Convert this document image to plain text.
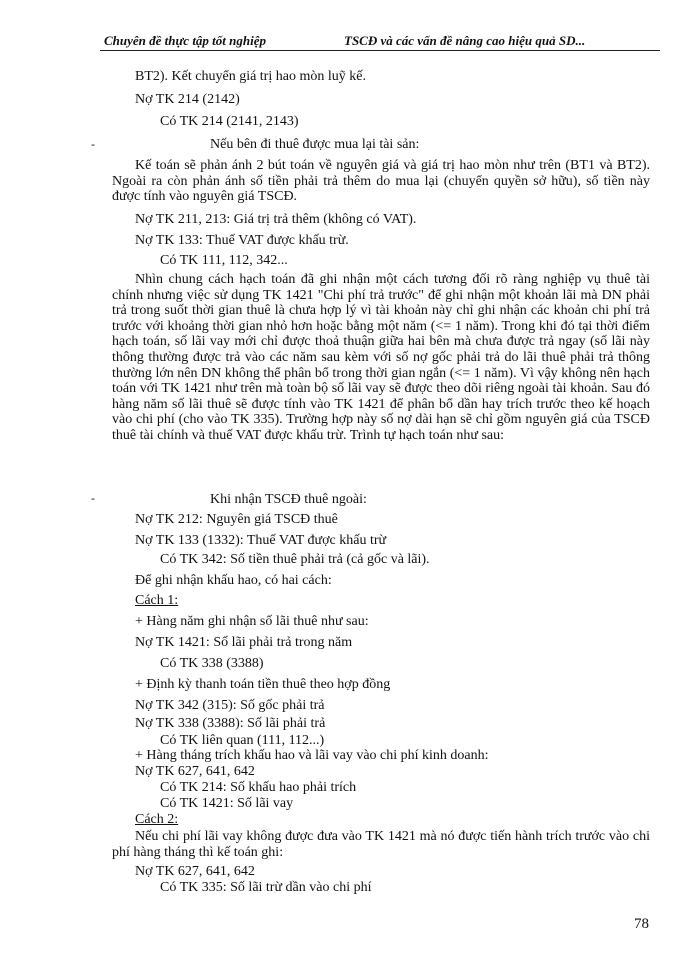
Chuyên đề thực tập tốt nghiệp	TSCĐ và các vấn đề nâng cao hiệu quả SD...
BT2). Kết chuyển giá trị hao mòn luỹ kế.
Nợ TK 214 (2142)
Có TK 214 (2141, 2143)
-	Nếu bên đi thuê được mua lại tài sản:
Kế toán sẽ phản ánh 2 bút toán về nguyên giá và giá trị hao mòn như trên (BT1 và BT2). Ngoài ra còn phản ánh số tiền phải trả thêm do mua lại (chuyển quyền sở hữu), số tiền này được tính vào nguyên giá TSCĐ.
Nợ TK 211, 213: Giá trị trả thêm (không có VAT).
Nợ TK 133: Thuế VAT được khấu trừ.
Có TK 111, 112, 342...
Nhìn chung cách hạch toán đã ghi nhận một cách tương đối rõ ràng nghiệp vụ thuê tài chính nhưng việc sử dụng TK 1421 "Chi phí trả trước" để ghi nhận một khoản lãi mà DN phải trả trong suốt thời gian thuê là chưa hợp lý vì tài khoản này chỉ ghi nhận các khoản chi phí trả trước với khoảng thời gian nhỏ hơn hoặc bằng một năm (<= 1 năm). Trong khi đó tại thời điểm hạch toán, số lãi vay mới chỉ được thoả thuận giữa hai bên mà chưa được trả ngay (số lãi này thông thường được trả vào các năm sau kèm với số nợ gốc phải trả do lãi thuê phải trả thông thường lớn nên DN không thể phân bổ trong thời gian ngắn (<= 1 năm). Vì vậy không nên hạch toán với TK 1421 như trên mà toàn bộ số lãi vay sẽ được theo dõi riêng ngoài tài khoản. Sau đó hàng năm số lãi thuê sẽ được tính vào TK 1421 để phân bổ dần hay trích trước theo kế hoạch vào chi phí (cho vào TK 335). Trường hợp này số nợ dài hạn sẽ chỉ gồm nguyên giá của TSCĐ thuê tài chính và thuế VAT được khấu trừ. Trình tự hạch toán như sau:
-	Khi nhận TSCĐ thuê ngoài:
Nợ TK 212: Nguyên giá TSCĐ thuê
Nợ TK 133 (1332): Thuế VAT được khấu trừ
Có TK 342: Số tiền thuê phải trả (cả gốc và lãi).
Để ghi nhận khấu hao, có hai cách:
Cách 1:
+ Hàng năm ghi nhận số lãi thuê như sau:
Nợ TK 1421: Số lãi phải trả trong năm
Có TK 338 (3388)
+ Định kỳ thanh toán tiền thuê theo hợp đồng
Nợ TK 342 (315): Số gốc phải trả
Nợ TK 338 (3388): Số lãi phải trả
Có TK liên quan (111, 112...)
+ Hàng tháng trích khấu hao và lãi vay vào chi phí kinh doanh:
Nợ TK 627, 641, 642
Có TK 214: Số khấu hao phải trích
Có TK 1421: Số lãi vay
Cách 2:
Nếu chi phí lãi vay không được đưa vào TK 1421 mà nó được tiến hành trích trước vào chi phí hàng tháng thì kế toán ghi:
Nợ TK 627, 641, 642
Có TK 335: Số lãi trừ dần vào chi phí
78
